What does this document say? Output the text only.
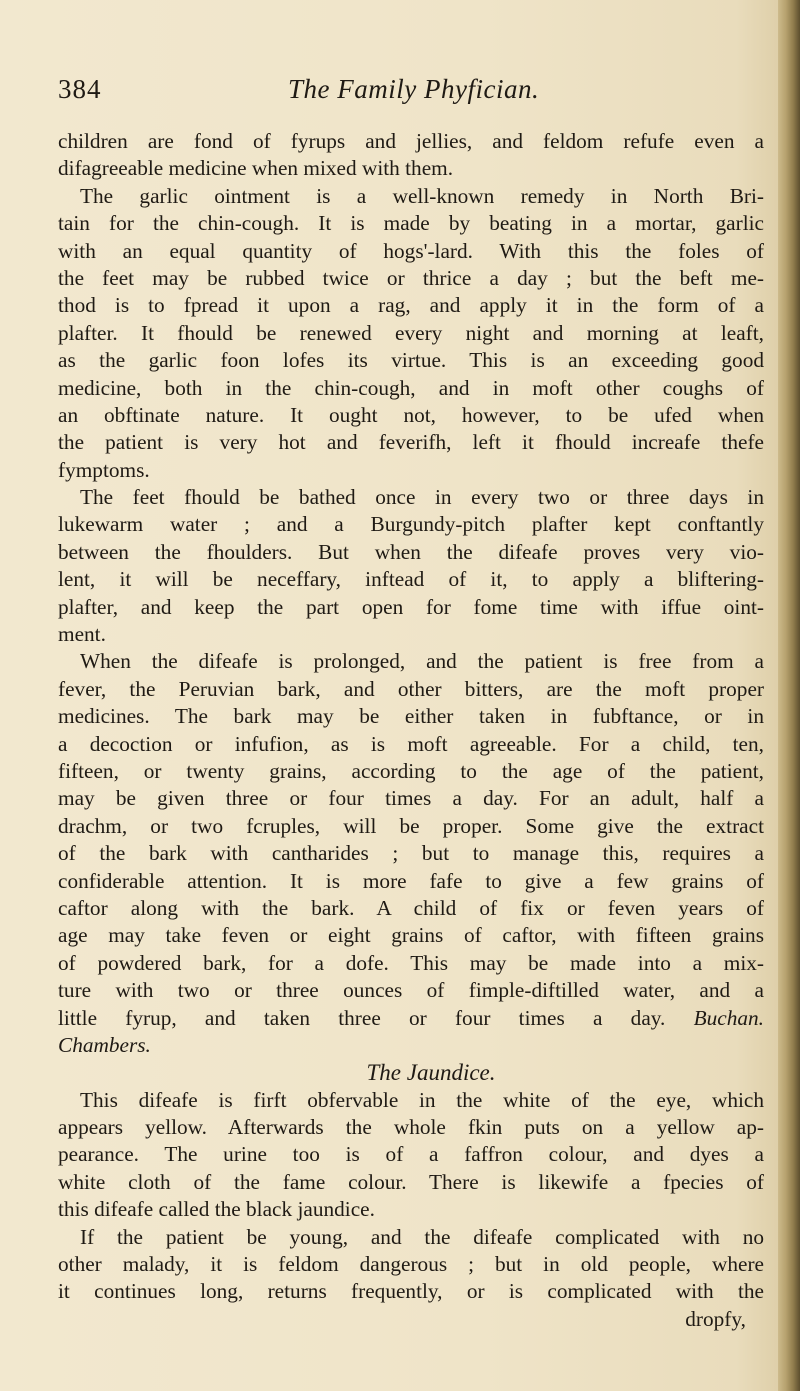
384	The Family Phyfician.
children are fond of fyrups and jellies, and feldom refufe even a
difagreeable medicine when mixed with them.
The garlic ointment is a well-known remedy in North Bri-
tain for the chin-cough. It is made by beating in a mortar, garlic
with an equal quantity of hogs'-lard. With this the foles of
the feet may be rubbed twice or thrice a day ; but the beft me-
thod is to fpread it upon a rag, and apply it in the form of a
plafter. It fhould be renewed every night and morning at leaft,
as the garlic foon lofes its virtue. This is an exceeding good
medicine, both in the chin-cough, and in moft other coughs of
an obftinate nature. It ought not, however, to be ufed when
the patient is very hot and feverifh, left it fhould increafe thefe
fymptoms.
The feet fhould be bathed once in every two or three days in
lukewarm water ; and a Burgundy-pitch plafter kept conftantly
between the fhoulders. But when the difeafe proves very vio-
lent, it will be neceffary, inftead of it, to apply a bliftering-
plafter, and keep the part open for fome time with iffue oint-
ment.
When the difeafe is prolonged, and the patient is free from a
fever, the Peruvian bark, and other bitters, are the moft proper
medicines. The bark may be either taken in fubftance, or in
a decoction or infufion, as is moft agreeable. For a child, ten,
fifteen, or twenty grains, according to the age of the patient,
may be given three or four times a day. For an adult, half a
drachm, or two fcruples, will be proper. Some give the extract
of the bark with cantharides ; but to manage this, requires a
confiderable attention. It is more fafe to give a few grains of
caftor along with the bark. A child of fix or feven years of
age may take feven or eight grains of caftor, with fifteen grains
of powdered bark, for a dofe. This may be made into a mix-
ture with two or three ounces of fimple-diftilled water, and a
little fyrup, and taken three or four times a day. Buchan.
Chambers.
The Jaundice.
This difeafe is firft obfervable in the white of the eye, which
appears yellow. Afterwards the whole fkin puts on a yellow ap-
pearance. The urine too is of a faffron colour, and dyes a
white cloth of the fame colour. There is likewife a fpecies of
this difeafe called the black jaundice.
If the patient be young, and the difeafe complicated with no
other malady, it is feldom dangerous ; but in old people, where
it continues long, returns frequently, or is complicated with the
dropfy,
